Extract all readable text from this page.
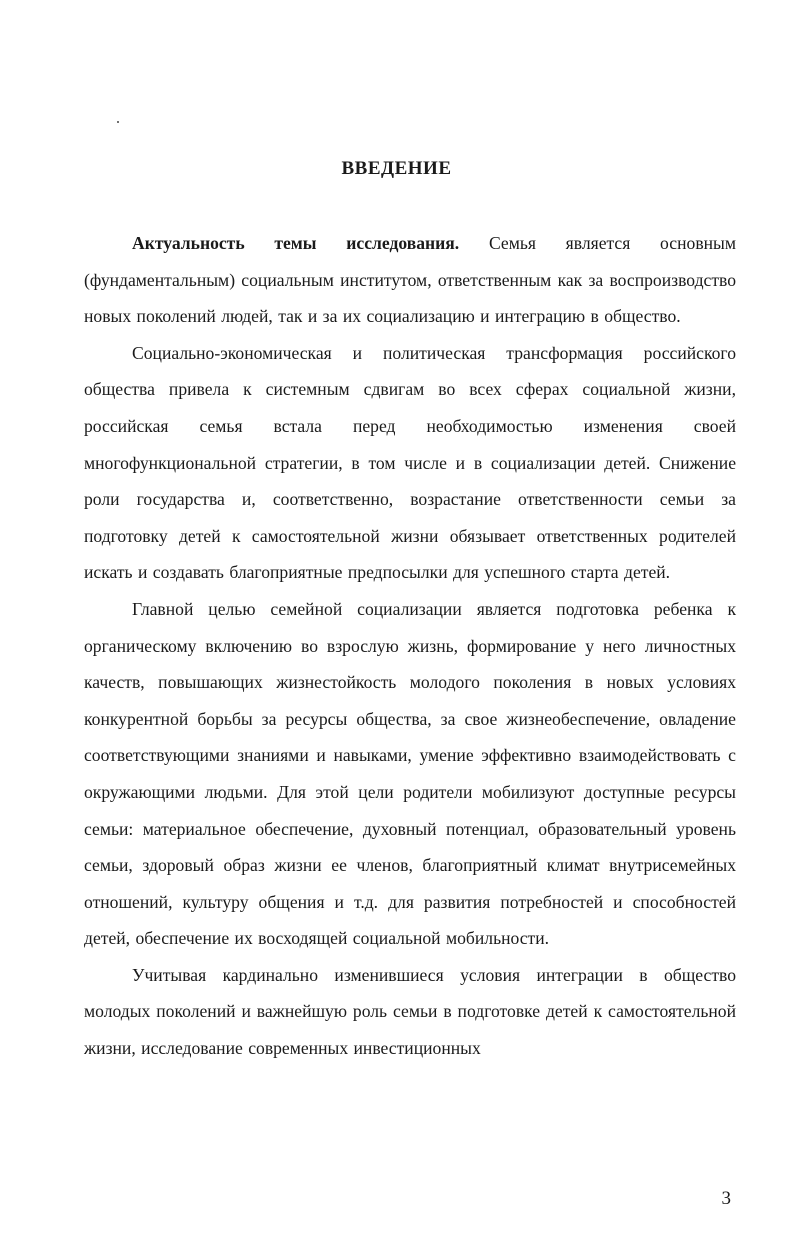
ВВЕДЕНИЕ

Актуальность темы исследования. Семья является основным (фундаментальным) социальным институтом, ответственным как за воспроизводство новых поколений людей, так и за их социализацию и интеграцию в общество.

Социально-экономическая и политическая трансформация российского общества привела к системным сдвигам во всех сферах социальной жизни, российская семья встала перед необходимостью изменения своей многофункциональной стратегии, в том числе и в социализации детей. Снижение роли государства и, соответственно, возрастание ответственности семьи за подготовку детей к самостоятельной жизни обязывает ответственных родителей искать и создавать благоприятные предпосылки для успешного старта детей.

Главной целью семейной социализации является подготовка ребенка к органическому включению во взрослую жизнь, формирование у него личностных качеств, повышающих жизнестойкость молодого поколения в новых условиях конкурентной борьбы за ресурсы общества, за свое жизнеобеспечение, овладение соответствующими знаниями и навыками, умение эффективно взаимодействовать с окружающими людьми. Для этой цели родители мобилизуют доступные ресурсы семьи: материальное обеспечение, духовный потенциал, образовательный уровень семьи, здоровый образ жизни ее членов, благоприятный климат внутрисемейных отношений, культуру общения и т.д. для развития потребностей и способностей детей, обеспечение их восходящей социальной мобильности.

Учитывая кардинально изменившиеся условия интеграции в общество молодых поколений и важнейшую роль семьи в подготовке детей к самостоятельной жизни, исследование современных инвестиционных

3
